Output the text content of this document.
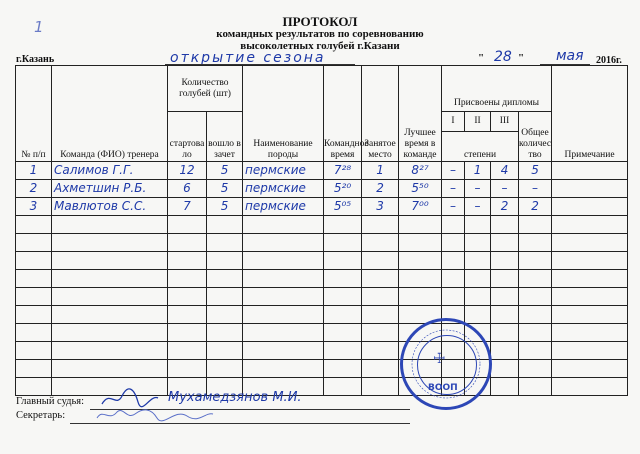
1	ПРОТОКОЛ
командных результатов по соревнованию
высоколетных голубей г.Казани
г.Казань	открытие сезона	" 28 " мая 2016г.
№ п/п	Команда (ФИО) тренера	Количество голубей (шт)		Наименование породы	Командное время	Занятое место	Лучшее время в команде	Присвоены дипломы				Примечание
		стартовало	вошло в зачет					I	II	III	Общее количество	
								степени				
1	Салимов Г.Г.	12	5	пермские	7²⁸	1	8²⁷	–	1	4	5	
2	Ахметшин Р.Б.	6	5	пермские	5²⁰	2	5⁵⁰	–	–	–	–	
3	Мавлютов С.С.	7	5	пермские	5⁰⁵	3	7⁰⁰	–	–	2	2	

☩
ВООП
Главный судья:	Мухамедзянов М.И.
Секретарь:
